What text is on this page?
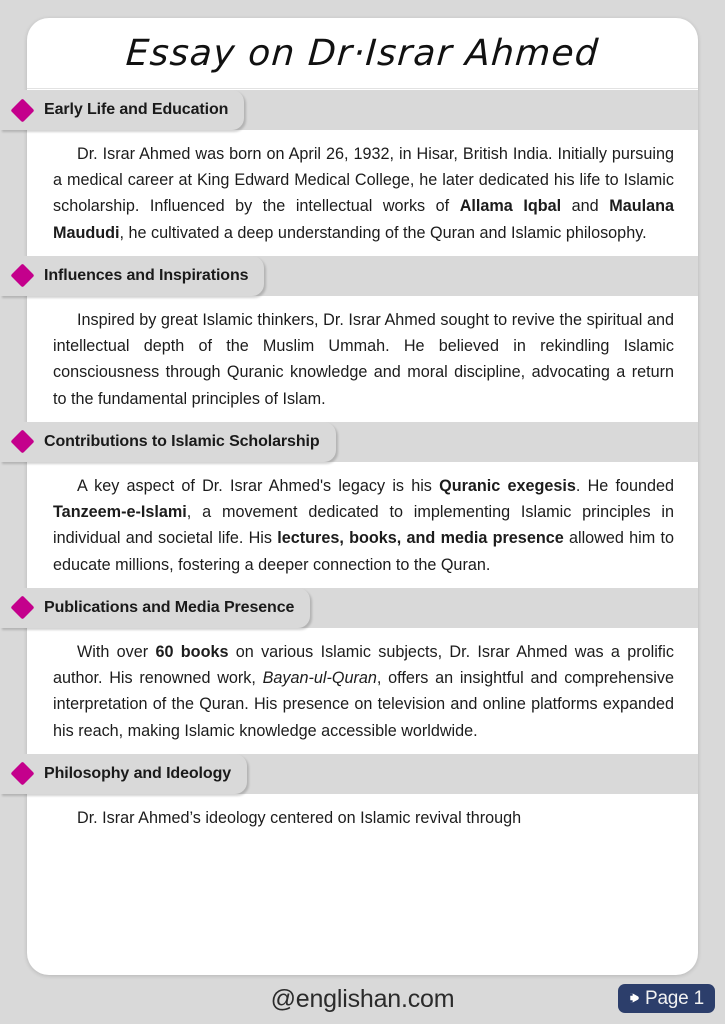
Essay on Dr·Israr Ahmed
Early Life and Education
Dr. Israr Ahmed was born on April 26, 1932, in Hisar, British India. Initially pursuing a medical career at King Edward Medical College, he later dedicated his life to Islamic scholarship. Influenced by the intellectual works of Allama Iqbal and Maulana Maududi, he cultivated a deep understanding of the Quran and Islamic philosophy.
Influences and Inspirations
Inspired by great Islamic thinkers, Dr. Israr Ahmed sought to revive the spiritual and intellectual depth of the Muslim Ummah. He believed in rekindling Islamic consciousness through Quranic knowledge and moral discipline, advocating a return to the fundamental principles of Islam.
Contributions to Islamic Scholarship
A key aspect of Dr. Israr Ahmed's legacy is his Quranic exegesis. He founded Tanzeem-e-Islami, a movement dedicated to implementing Islamic principles in individual and societal life. His lectures, books, and media presence allowed him to educate millions, fostering a deeper connection to the Quran.
Publications and Media Presence
With over 60 books on various Islamic subjects, Dr. Israr Ahmed was a prolific author. His renowned work, Bayan-ul-Quran, offers an insightful and comprehensive interpretation of the Quran. His presence on television and online platforms expanded his reach, making Islamic knowledge accessible worldwide.
Philosophy and Ideology
Dr. Israr Ahmed’s ideology centered on Islamic revival through
@englishan.com	Page 1
